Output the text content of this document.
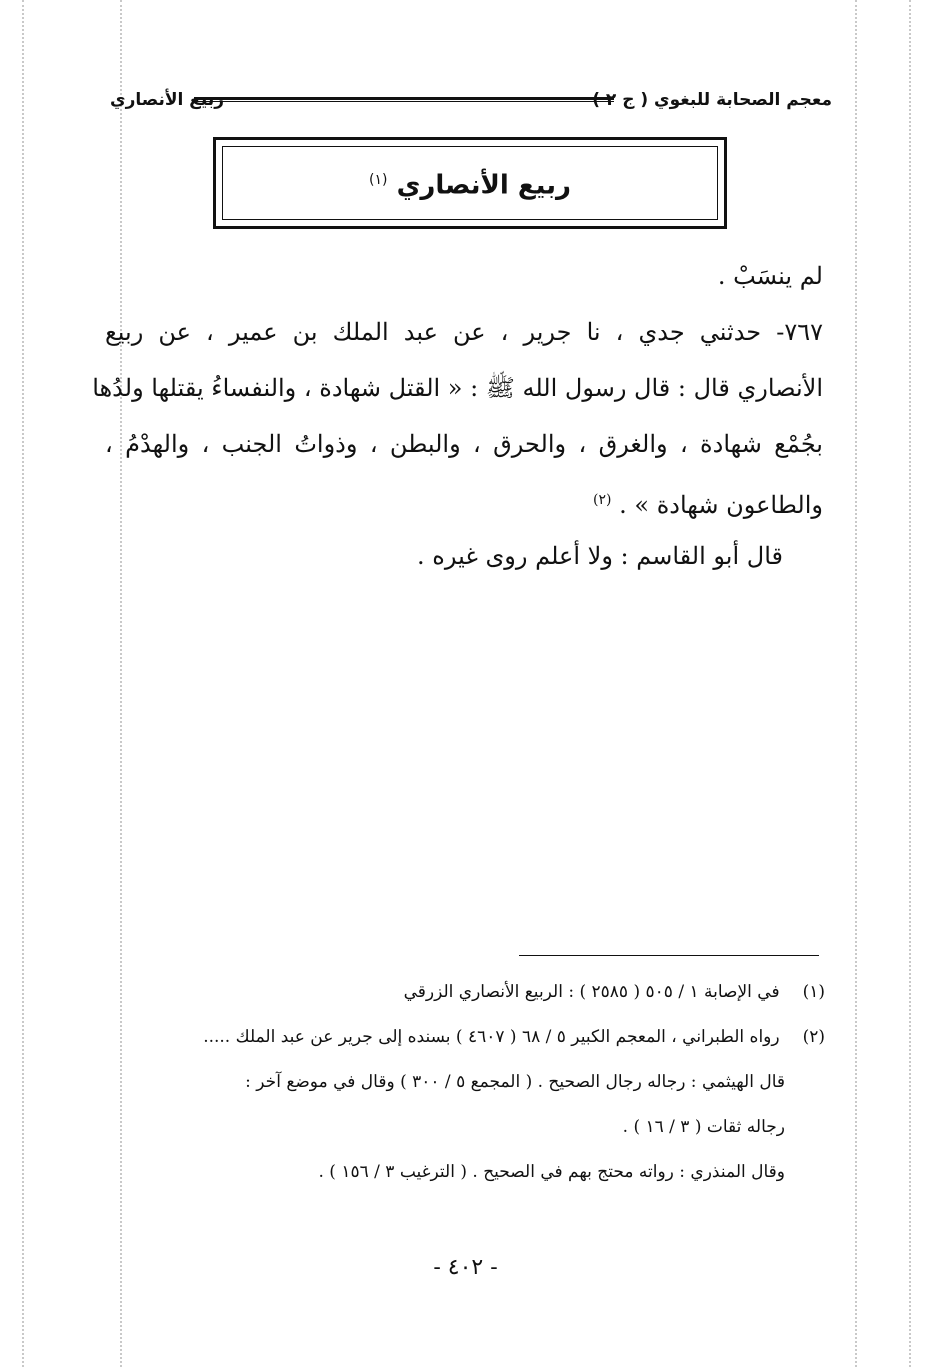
معجم الصحابة للبغوي ( ج ٢ )
ربيع الأنصاري
ربيع الأنصاري $^{(١)}$
لم ينسَبْ .
٧٦٧- حدثني جدي ، نا جرير ، عن عبد الملك بن عمير ، عن ربيع
الأنصاري قال : قال رسول الله ﷺ : « القتل شهادة ، والنفساءُ يقتلها ولدُها
بجُمْع شهادة ، والغرق ، والحرق ، والبطن ، وذواتُ الجنب ، والهدْمُ ،
والطاعون شهادة » . $^{(٢)}$
قال أبو القاسم : ولا أعلم روى غيره .
(١) في الإصابة ١ / ٥٠٥ ( ٢٥٨٥ ) : الربيع الأنصاري الزرقي
(٢) رواه الطبراني ، المعجم الكبير ٥ / ٦٨ ( ٤٦٠٧ ) بسنده إلى جرير عن عبد الملك .....
قال الهيثمي : رجاله رجال الصحيح . ( المجمع ٥ / ٣٠٠ ) وقال في موضع آخر :
رجاله ثقات ( ٣ / ١٦ ) .
وقال المنذري : رواته محتج بهم في الصحيح . ( الترغيب ٣ / ١٥٦ ) .
- ٤٠٢ -
